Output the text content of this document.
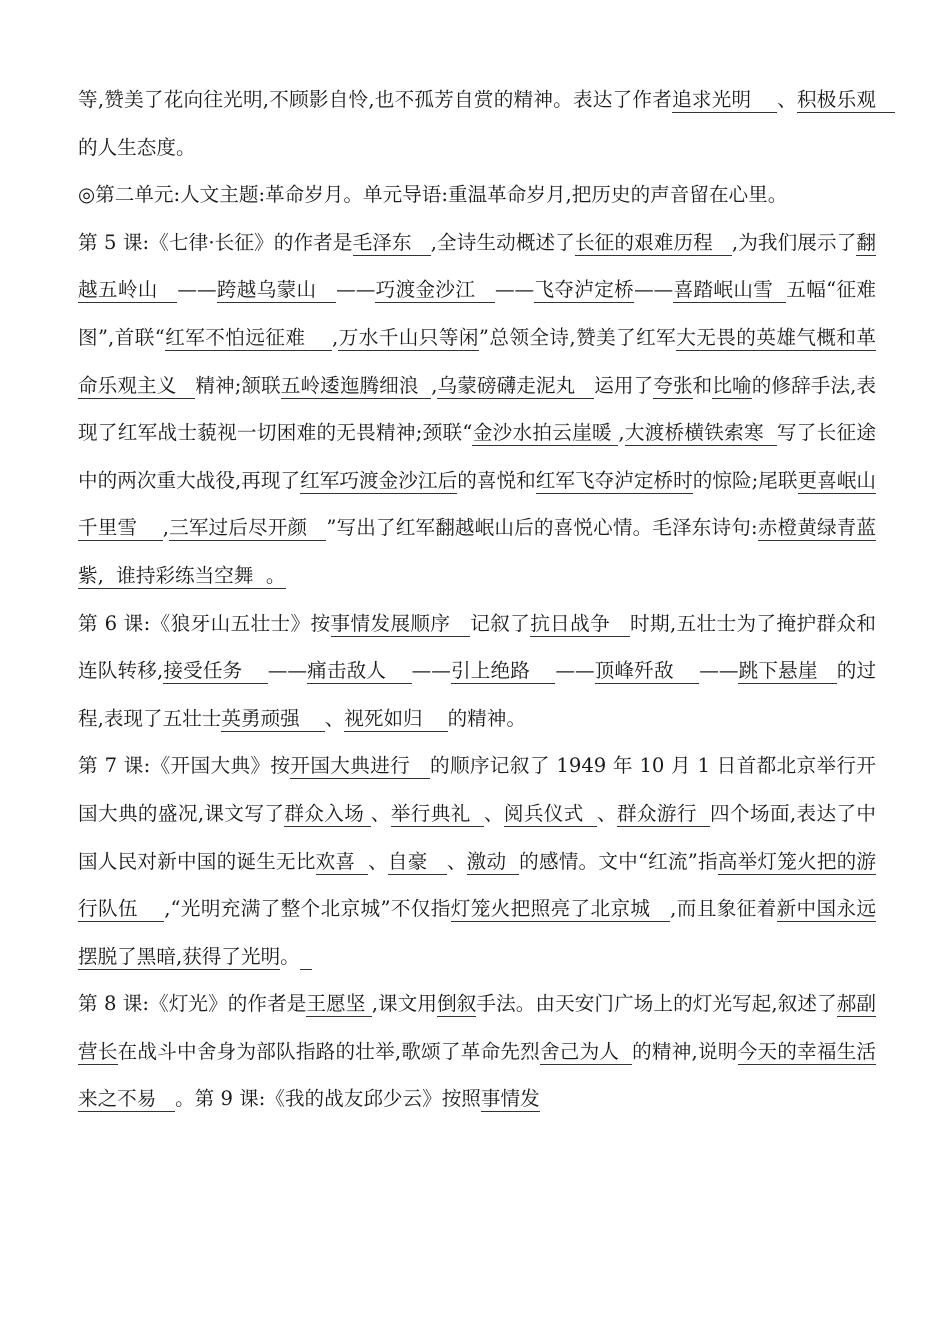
等,赞美了花向往光明,不顾影自怜,也不孤芳自赏的精神。表达了作者追求光明    、积极乐观   的人生态度。

◎第二单元:人文主题:革命岁月。单元导语:重温革命岁月,把历史的声音留在心里。

第 5 课:《七律·长征》的作者是毛泽东   ,全诗生动概述了长征的艰难历程   ,为我们展示了翻越五岭山   ——跨越乌蒙山   ——巧渡金沙江   ——飞夺泸定桥——喜踏岷山雪  五幅“征难图”,首联“红军不怕远征难    ,万水千山只等闲”总领全诗,赞美了红军大无畏的英雄气概和革命乐观主义   精神;颔联五岭逶迤腾细浪  ,乌蒙磅礴走泥丸   运用了夸张和比喻的修辞手法,表现了红军战士藐视一切困难的无畏精神;颈联“金沙水拍云崖暖 ,大渡桥横铁索寒  写了长征途中的两次重大战役,再现了红军巧渡金沙江后的喜悦和红军飞夺泸定桥时的惊险;尾联更喜岷山千里雪    ,三军过后尽开颜   ”写出了红军翻越岷山后的喜悦心情。毛泽东诗句:赤橙黄绿青蓝紫,  谁持彩练当空舞  。

第 6 课:《狼牙山五壮士》按事情发展顺序   记叙了抗日战争   时期,五壮士为了掩护群众和连队转移,接受任务    ——痛击敌人    ——引上绝路    ——顶峰歼敌    ——跳下悬崖   的过程,表现了五壮士英勇顽强    、视死如归    的精神。

第 7 课:《开国大典》按开国大典进行   的顺序记叙了 1949 年 10 月 1 日首都北京举行开国大典的盛况,课文写了群众入场 、举行典礼  、阅兵仪式  、群众游行  四个场面,表达了中国人民对新中国的诞生无比欢喜  、自豪   、激动  的感情。文中“红流”指高举灯笼火把的游行队伍    ,“光明充满了整个北京城”不仅指灯笼火把照亮了北京城   ,而且象征着新中国永远摆脱了黑暗,获得了光明。

第 8 课:《灯光》的作者是王愿坚 ,课文用倒叙手法。由天安门广场上的灯光写起,叙述了郝副营长在战斗中舍身为部队指路的壮举,歌颂了革命先烈舍己为人  的精神,说明今天的幸福生活来之不易   。第 9 课:《我的战友邱少云》按照事情发
